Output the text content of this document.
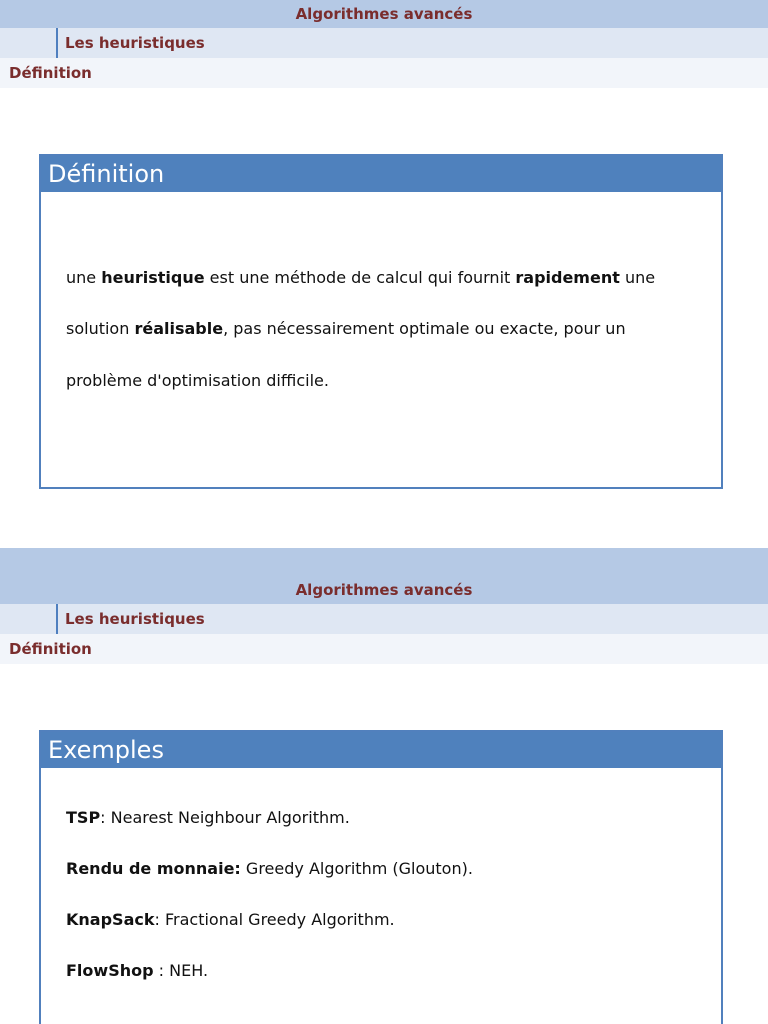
Algorithmes avancés
Les heuristiques
Définition
Définition
une heuristique est une méthode de calcul qui fournit rapidement une
solution réalisable, pas nécessairement optimale ou exacte, pour un
problème d'optimisation difficile.
Algorithmes avancés
Les heuristiques
Définition
Exemples
TSP: Nearest Neighbour Algorithm.
Rendu de monnaie: Greedy Algorithm (Glouton).
KnapSack: Fractional Greedy Algorithm.
FlowShop : NEH.
